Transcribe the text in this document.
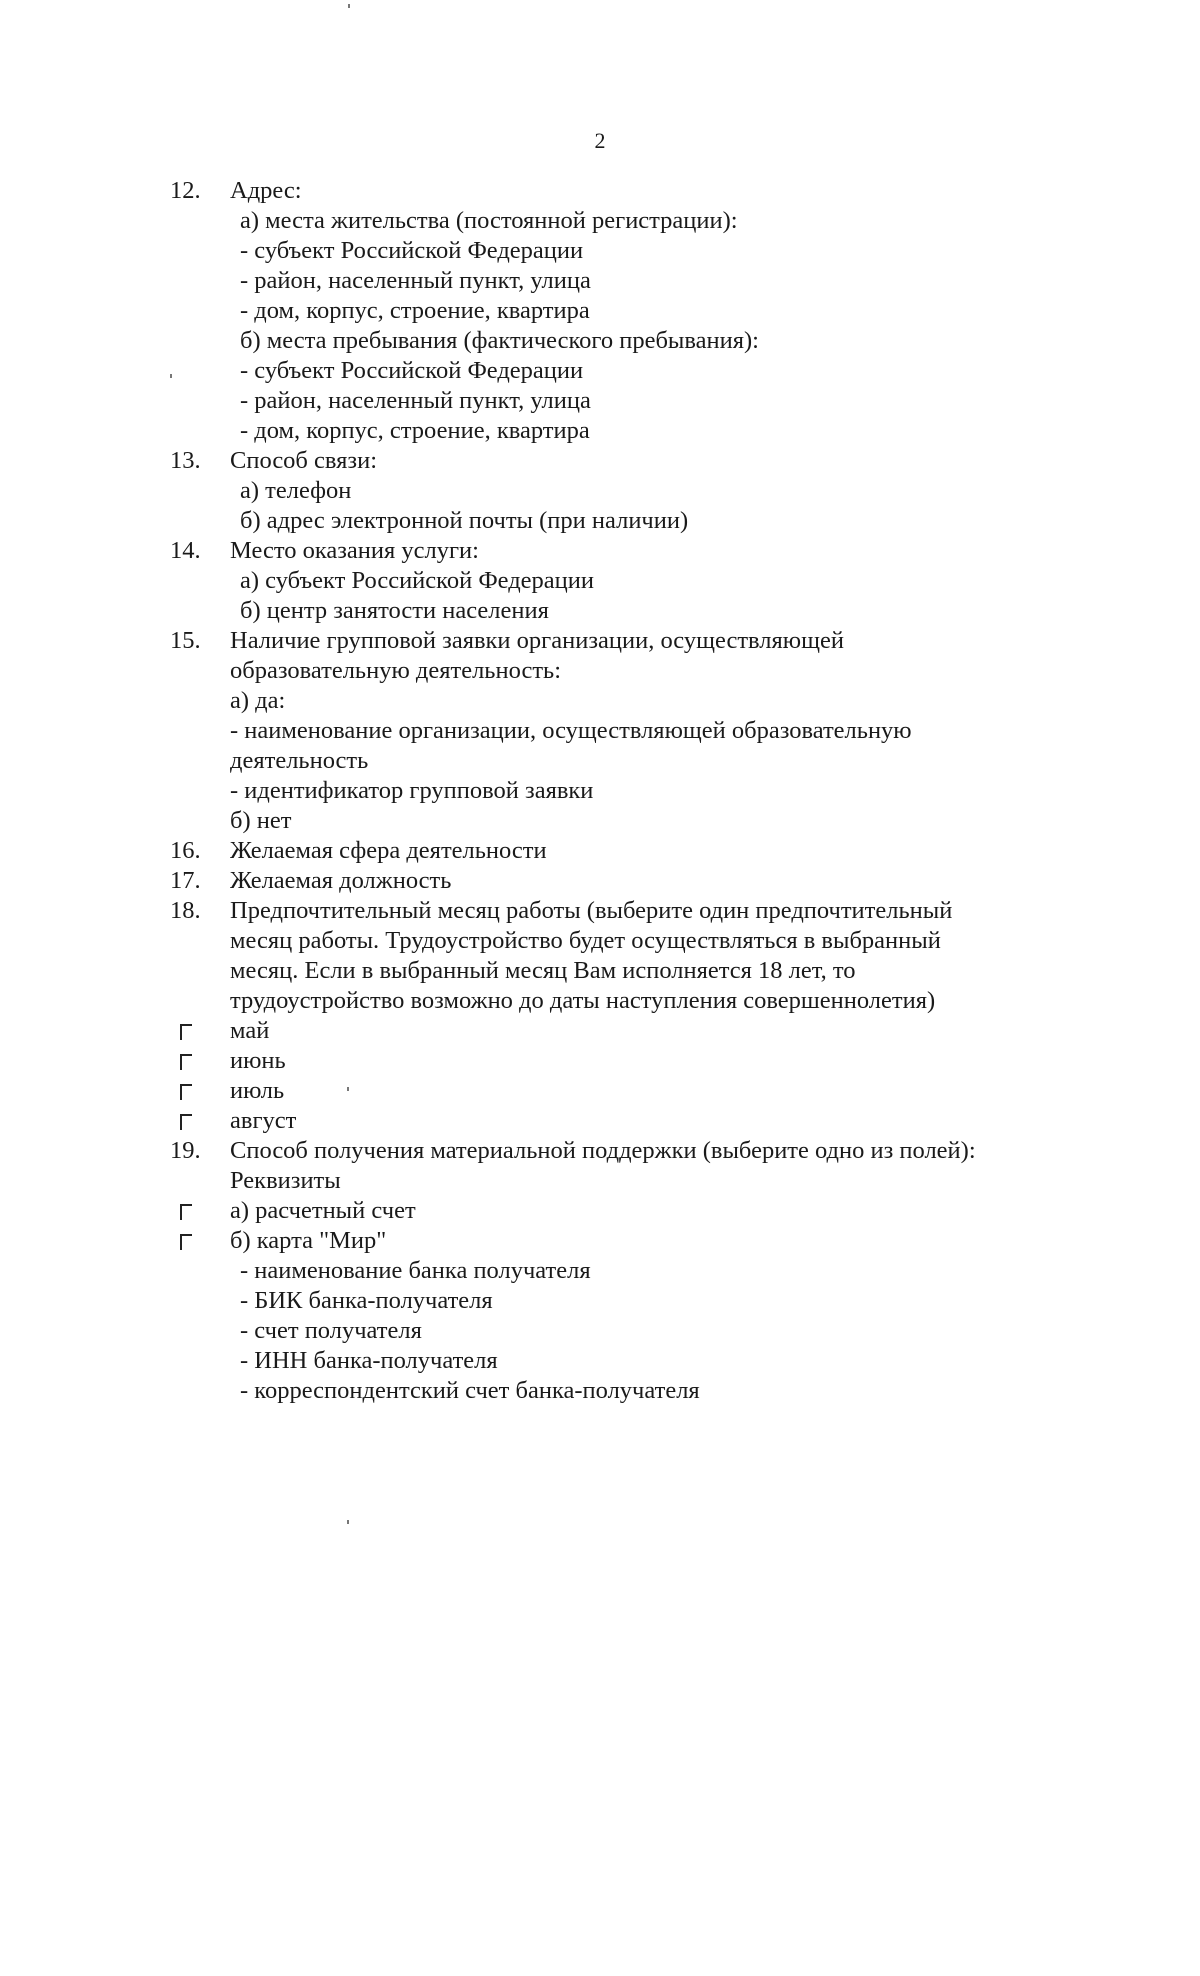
2
12.	Адрес:
а) места жительства (постоянной регистрации):
- субъект Российской Федерации
- район, населенный пункт, улица
- дом, корпус, строение, квартира
б) места пребывания (фактического пребывания):
- субъект Российской Федерации
- район, населенный пункт, улица
- дом, корпус, строение, квартира
13.	Способ связи:
а) телефон
б) адрес электронной почты (при наличии)
14.	Место оказания услуги:
а) субъект Российской Федерации
б) центр занятости населения
15.	Наличие групповой заявки организации, осуществляющей
образовательную деятельность:
а) да:
- наименование организации, осуществляющей образовательную
деятельность
- идентификатор групповой заявки
б) нет
16.	Желаемая сфера деятельности
17.	Желаемая должность
18.	Предпочтительный месяц работы (выберите один предпочтительный
месяц работы. Трудоустройство будет осуществляться в выбранный
месяц. Если в выбранный месяц Вам исполняется 18 лет, то
трудоустройство возможно до даты наступления совершеннолетия)
май
июнь
июль
август
19.	Способ получения материальной поддержки (выберите одно из полей):
Реквизиты
а) расчетный счет
б) карта "Мир"
- наименование банка получателя
- БИК банка-получателя
- счет получателя
- ИНН банка-получателя
- корреспондентский счет банка-получателя
